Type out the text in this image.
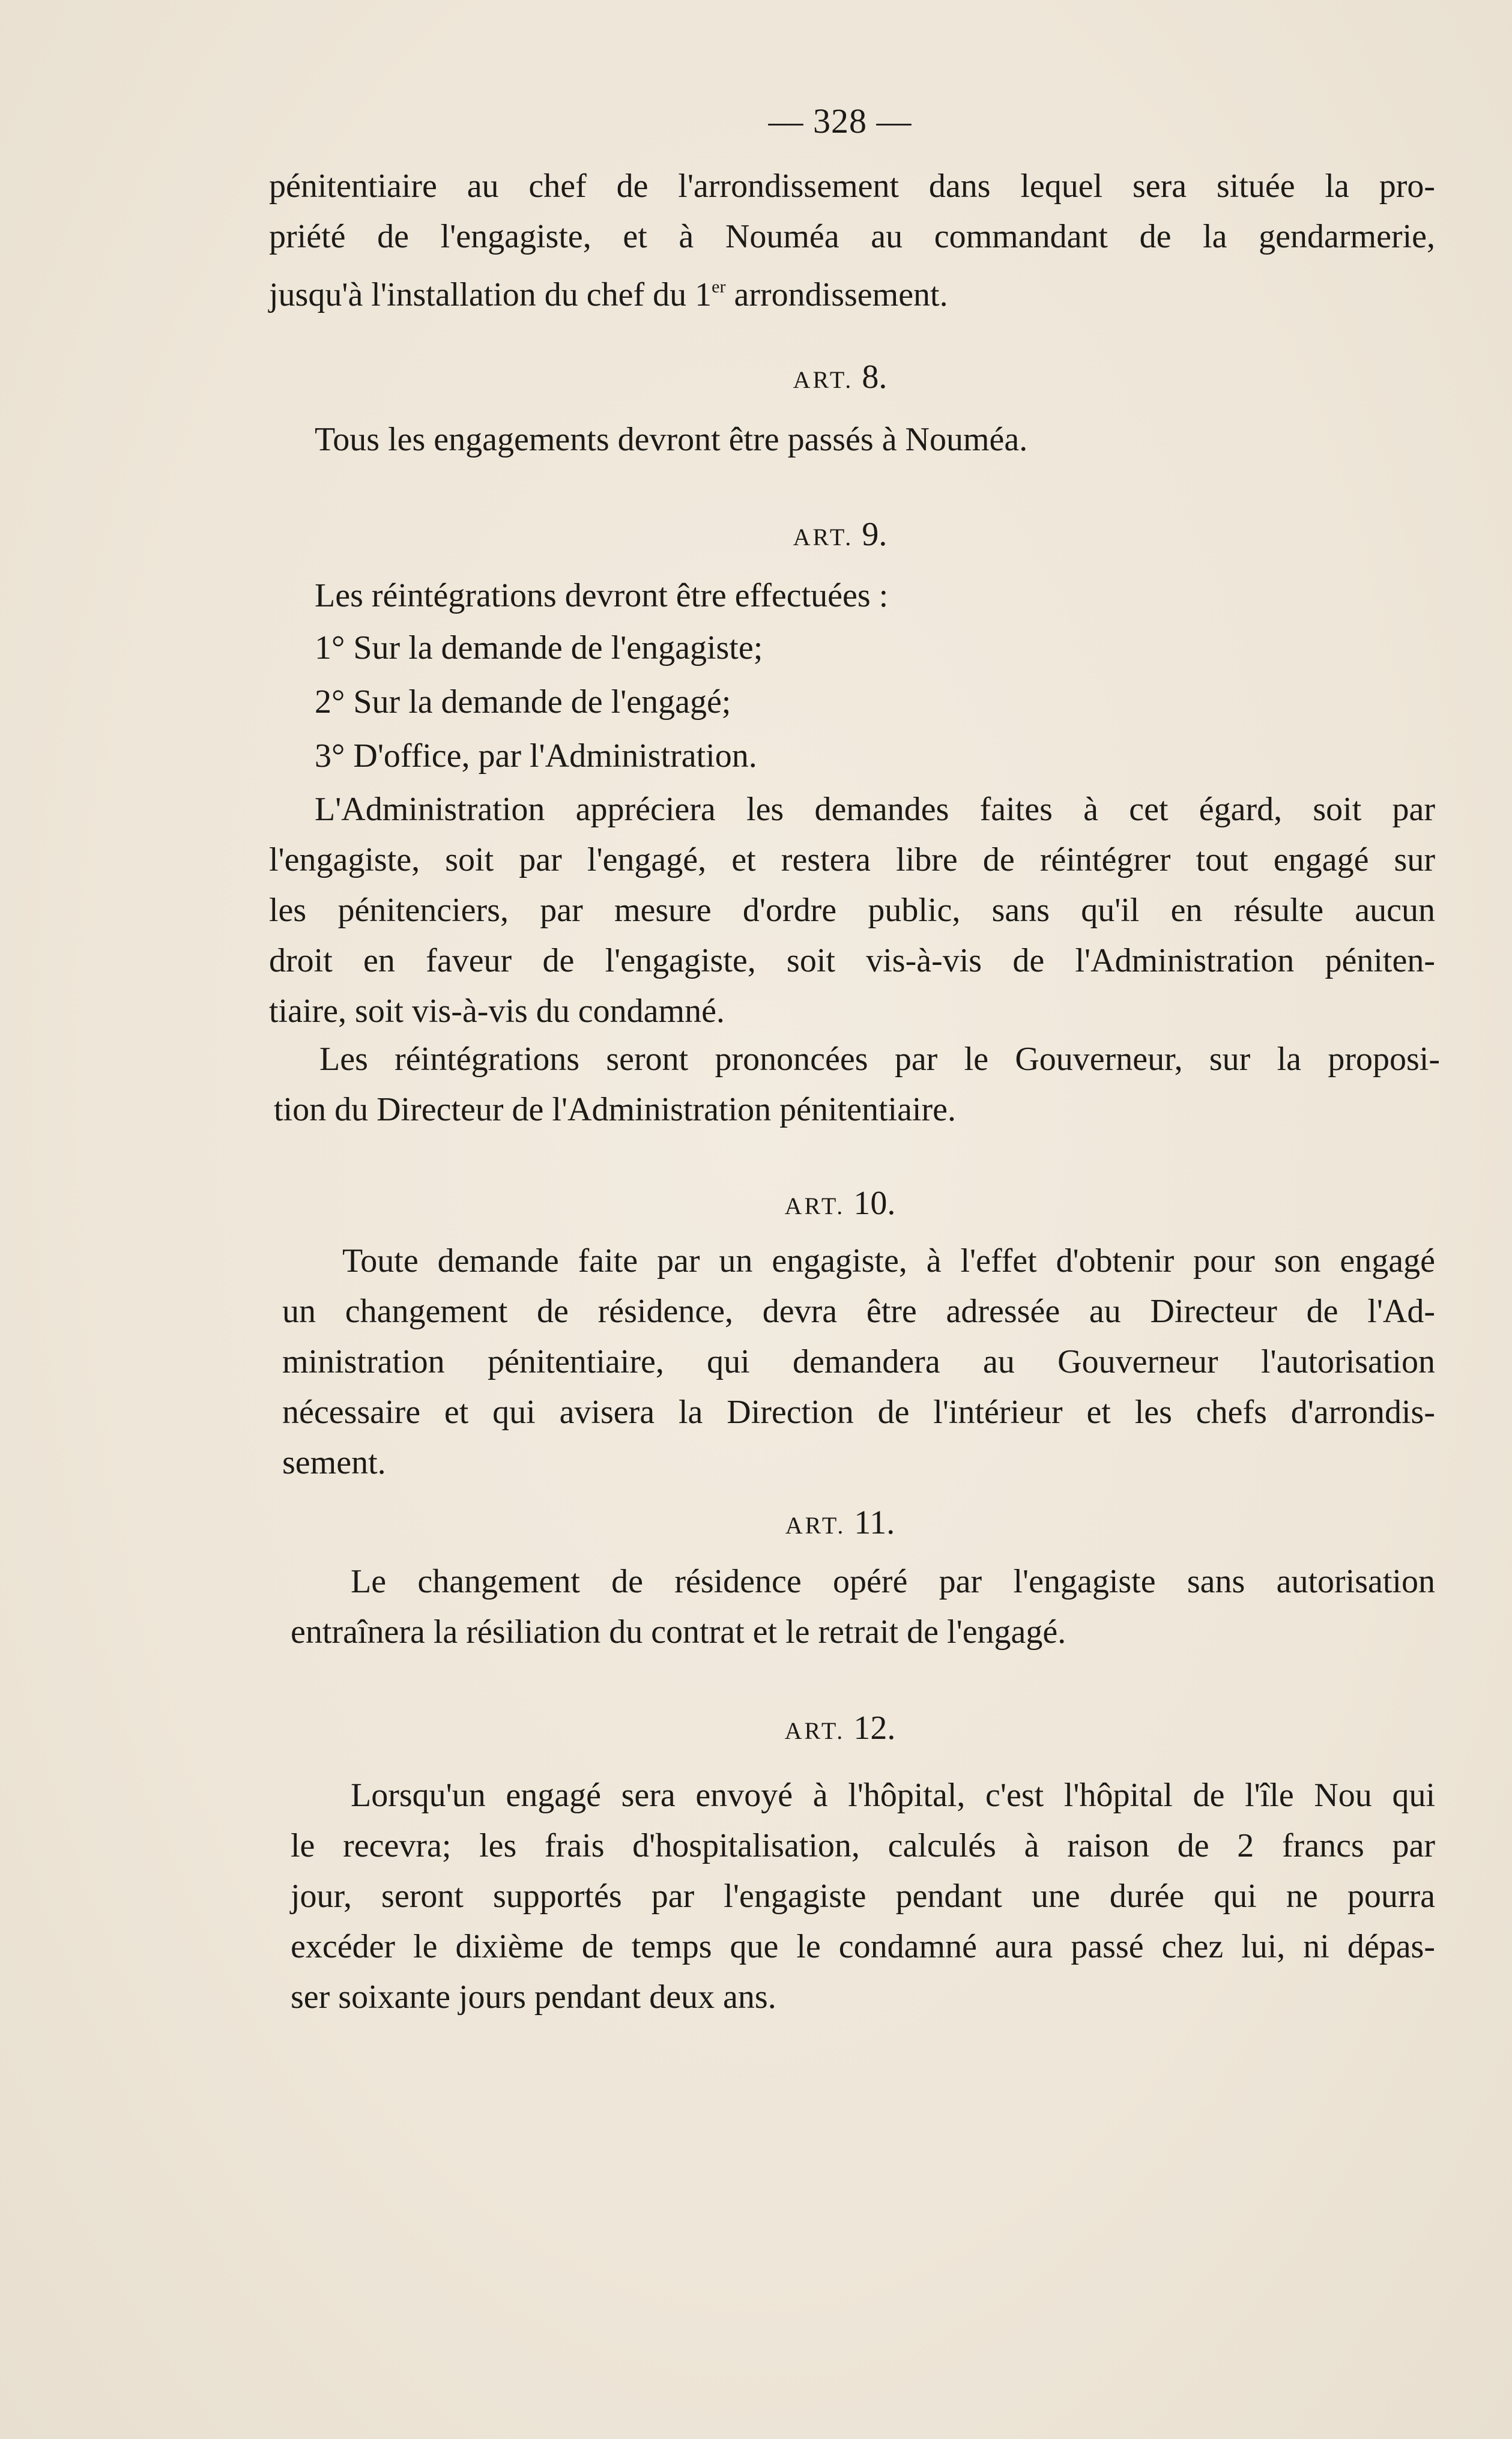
— 328 —
pénitentiaire au chef de l'arrondissement dans lequel sera située la pro-
priété de l'engagiste, et à Nouméa au commandant de la gendarmerie,
jusqu'à l'installation du chef du 1er arrondissement.
ART. 8.
Tous les engagements devront être passés à Nouméa.
ART. 9.
Les réintégrations devront être effectuées :
1° Sur la demande de l'engagiste;
2° Sur la demande de l'engagé;
3° D'office, par l'Administration.
L'Administration appréciera les demandes faites à cet égard, soit par
l'engagiste, soit par l'engagé, et restera libre de réintégrer tout engagé sur
les pénitenciers, par mesure d'ordre public, sans qu'il en résulte aucun
droit en faveur de l'engagiste, soit vis-à-vis de l'Administration péniten-
tiaire, soit vis-à-vis du condamné.
Les réintégrations seront prononcées par le Gouverneur, sur la proposi-
tion du Directeur de l'Administration pénitentiaire.
ART. 10.
Toute demande faite par un engagiste, à l'effet d'obtenir pour son engagé
un changement de résidence, devra être adressée au Directeur de l'Ad-
ministration pénitentiaire, qui demandera au Gouverneur l'autorisation
nécessaire et qui avisera la Direction de l'intérieur et les chefs d'arrondis-
sement.
ART. 11.
Le changement de résidence opéré par l'engagiste sans autorisation
entraînera la résiliation du contrat et le retrait de l'engagé.
ART. 12.
Lorsqu'un engagé sera envoyé à l'hôpital, c'est l'hôpital de l'île Nou qui
le recevra; les frais d'hospitalisation, calculés à raison de 2 francs par
jour, seront supportés par l'engagiste pendant une durée qui ne pourra
excéder le dixième de temps que le condamné aura passé chez lui, ni dépas-
ser soixante jours pendant deux ans.
